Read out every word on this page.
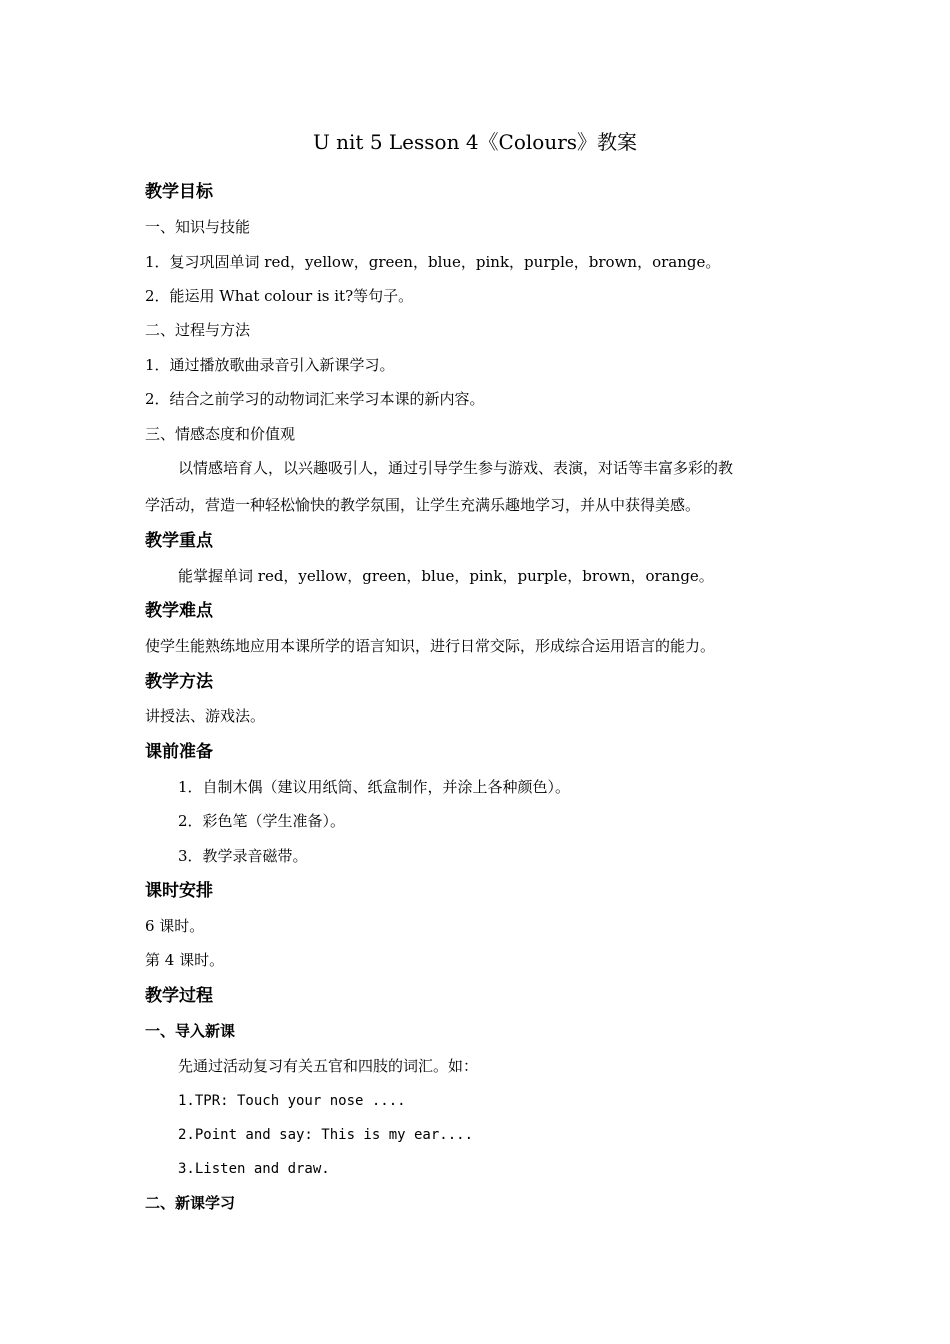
U nit 5 Lesson 4《Colours》教案
教学目标
一、知识与技能
1．复习巩固单词 red，yellow，green，blue，pink，purple，brown，orange。
2．能运用 What colour is it?等句子。
二、过程与方法
1．通过播放歌曲录音引入新课学习。
2．结合之前学习的动物词汇来学习本课的新内容。
三、情感态度和价值观
以情感培育人，以兴趣吸引人，通过引导学生参与游戏、表演，对话等丰富多彩的教
学活动，营造一种轻松愉快的教学氛围，让学生充满乐趣地学习，并从中获得美感。
教学重点
能掌握单词 red，yellow，green，blue，pink，purple，brown，orange。
教学难点
使学生能熟练地应用本课所学的语言知识，进行日常交际，形成综合运用语言的能力。
教学方法
讲授法、游戏法。
课前准备
1．自制木偶（建议用纸筒、纸盒制作，并涂上各种颜色）。
2．彩色笔（学生准备）。
3．教学录音磁带。
课时安排
6 课时。
第 4 课时。
教学过程
一、导入新课
先通过活动复习有关五官和四肢的词汇。如：
1.TPR: Touch your nose ....
2.Point and say: This is my ear....
3.Listen and draw.
二、新课学习
